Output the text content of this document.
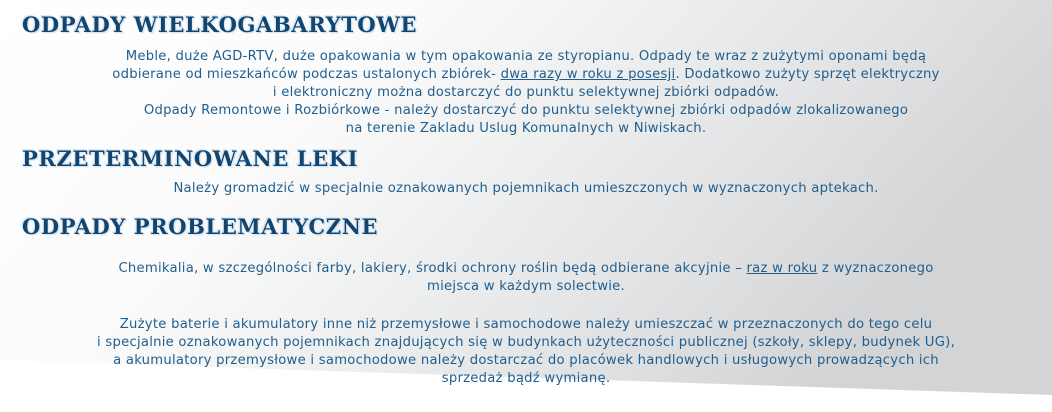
ODPADY WIELKOGABARYTOWE
Meble, duże AGD-RTV, duże opakowania w tym opakowania ze styropianu. Odpady te wraz z zużytymi oponami będą
odbierane od mieszkańców podczas ustalonych zbiórek- dwa razy w roku z posesji. Dodatkowo zużyty sprzęt elektryczny
i elektroniczny można dostarczyć do punktu selektywnej zbiórki odpadów.
Odpady Remontowe i Rozbiórkowe - należy dostarczyć do punktu selektywnej zbiórki odpadów zlokalizowanego
na terenie Zakladu Uslug Komunalnych w Niwiskach.
PRZETERMINOWANE LEKI
Należy gromadzić w specjalnie oznakowanych pojemnikach umieszczonych w wyznaczonych aptekach.
ODPADY PROBLEMATYCZNE
Chemikalia, w szczególności farby, lakiery, środki ochrony roślin będą odbierane akcyjnie – raz w roku z wyznaczonego
miejsca w każdym solectwie.
Zużyte baterie i akumulatory inne niż przemysłowe i samochodowe należy umieszczać w przeznaczonych do tego celu
i specjalnie oznakowanych pojemnikach znajdujących się w budynkach użyteczności publicznej (szkoły, sklepy, budynek UG),
a akumulatory przemysłowe i samochodowe należy dostarczać do placówek handlowych i usługowych prowadzących ich
sprzedaż bądź wymianę.
